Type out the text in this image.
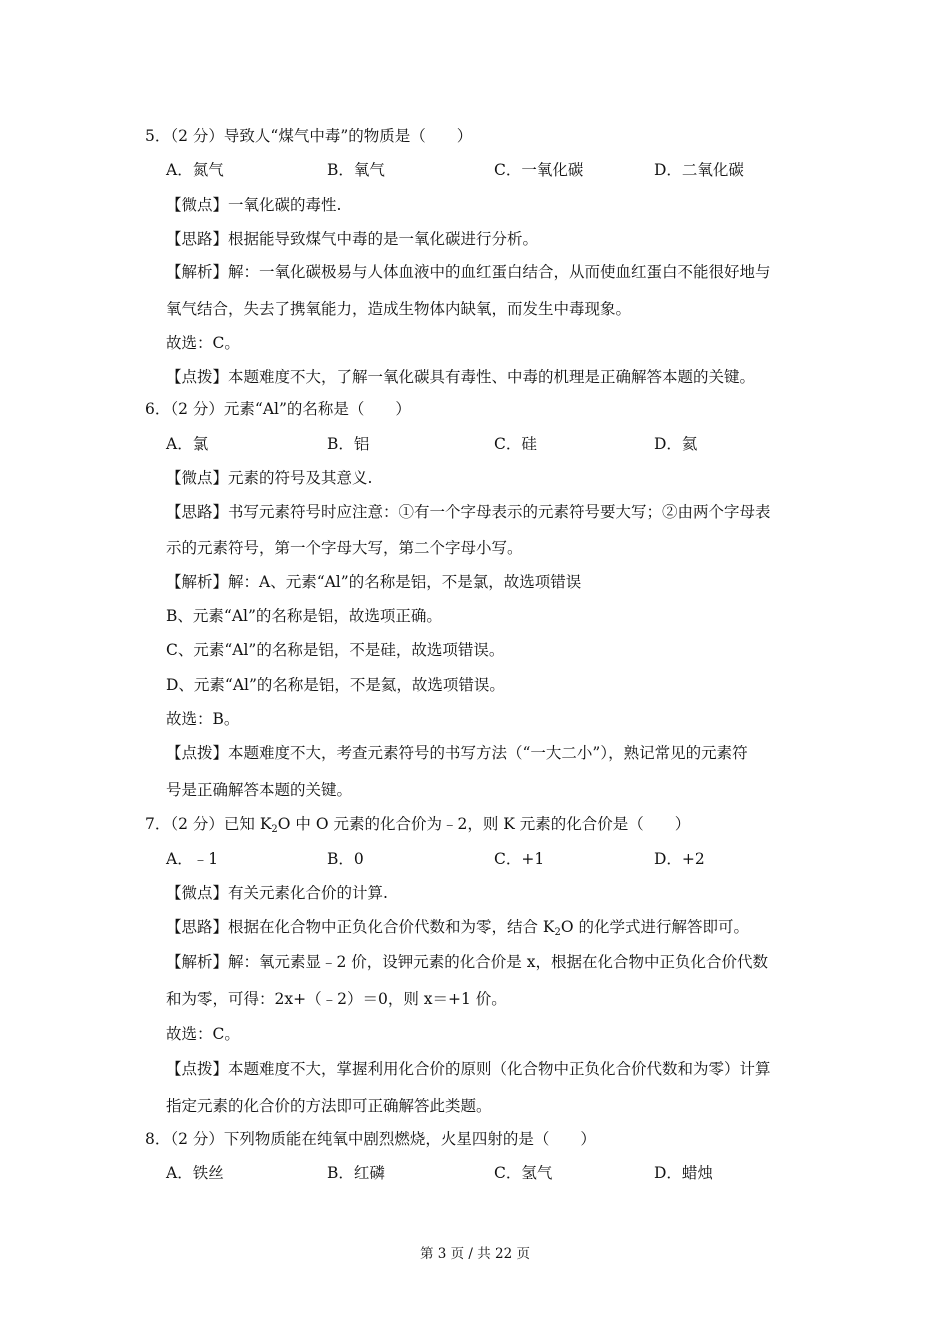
5．（2 分）导致人“煤气中毒”的物质是（　　）
A．氮气	B．氧气	C．一氧化碳	D．二氧化碳
【微点】一氧化碳的毒性.
【思路】根据能导致煤气中毒的是一氧化碳进行分析。
【解析】解：一氧化碳极易与人体血液中的血红蛋白结合，从而使血红蛋白不能很好地与
氧气结合，失去了携氧能力，造成生物体内缺氧，而发生中毒现象。
故选：C。
【点拨】本题难度不大，了解一氧化碳具有毒性、中毒的机理是正确解答本题的关键。
6．（2 分）元素“Al”的名称是（　　）
A．氯	B．铝	C．硅	D．氦
【微点】元素的符号及其意义.
【思路】书写元素符号时应注意：①有一个字母表示的元素符号要大写；②由两个字母表
示的元素符号，第一个字母大写，第二个字母小写。
【解析】解：A、元素“Al”的名称是铝，不是氯，故选项错误
B、元素“Al”的名称是铝，故选项正确。
C、元素“Al”的名称是铝，不是硅，故选项错误。
D、元素“Al”的名称是铝，不是氦，故选项错误。
故选：B。
【点拨】本题难度不大，考查元素符号的书写方法（“一大二小”），熟记常见的元素符
号是正确解答本题的关键。
7．（2 分）已知 $K_2O$ 中 O 元素的化合价为﹣2，则 K 元素的化合价是（　　）
A．﹣1	B．0	C．+1	D．+2
【微点】有关元素化合价的计算.
【思路】根据在化合物中正负化合价代数和为零，结合 $K_2O$ 的化学式进行解答即可。
【解析】解：氧元素显﹣2 价，设钾元素的化合价是 x，根据在化合物中正负化合价代数
和为零，可得：2x+（﹣2）＝0，则 x＝+1 价。
故选：C。
【点拨】本题难度不大，掌握利用化合价的原则（化合物中正负化合价代数和为零）计算
指定元素的化合价的方法即可正确解答此类题。
8．（2 分）下列物质能在纯氧中剧烈燃烧，火星四射的是（　　）
A．铁丝	B．红磷	C．氢气	D．蜡烛
第 3 页 / 共 22 页
